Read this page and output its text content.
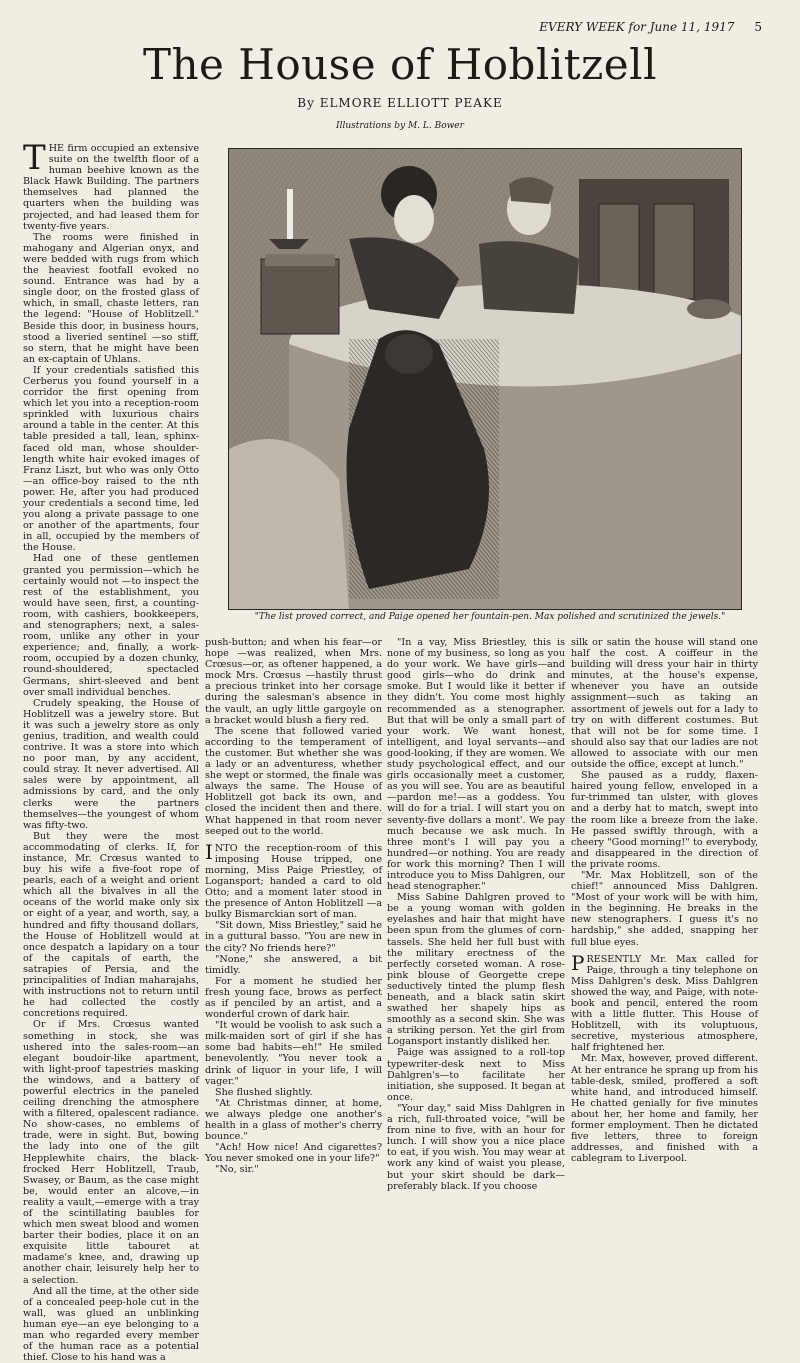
EVERY WEEK for June 11, 1917 5
The House of Hoblitzell
By ELMORE ELLIOTT PEAKE
Illustrations by M. L. Bower

THE firm occupied an extensive suite on the twelfth floor of a human beehive known as the Black Hawk Building. The partners themselves had planned the quarters when the building was projected, and had leased them for twenty-five years.

The rooms were finished in mahogany and Algerian onyx, and were bedded with rugs from which the heaviest footfall evoked no sound. Entrance was had by a single door, on the frosted glass of which, in small, chaste letters, ran the legend: "House of Hoblitzell." Beside this door, in business hours, stood a liveried sentinel —so stiff, so stern, that he might have been an ex-captain of Uhlans.

If your credentials satisfied this Cerberus you found yourself in a corridor the first opening from which let you into a reception-room sprinkled with luxurious chairs around a table in the center. At this table presided a tall, lean, sphinx-faced old man, whose shoulder-length white hair evoked images of Franz Liszt, but who was only Otto—an office-boy raised to the nth power. He, after you had produced your credentials a second time, led you along a private passage to one or another of the apartments, four in all, occupied by the members of the House.

Had one of these gentlemen granted you permission—which he certainly would not —to inspect the rest of the establishment, you would have seen, first, a counting-room, with cashiers, bookkeepers, and stenographers; next, a sales-room, unlike any other in your experience; and, finally, a work-room, occupied by a dozen chunky, round-shouldered, spectacled Germans, shirt-sleeved and bent over small individual benches.

Crudely speaking, the House of Hoblitzell was a jewelry store. But it was such a jewelry store as only genius, tradition, and wealth could contrive. It was a store into which no poor man, by any accident, could stray. It never advertised. All sales were by appointment, all admissions by card, and the only clerks were the partners themselves—the youngest of whom was fifty-two.

But they were the most accommodating of clerks. If, for instance, Mr. Crœsus wanted to buy his wife a five-foot rope of pearls, each of a weight and orient which all the bivalves in all the oceans of the world make only six or eight of a year, and worth, say, a hundred and fifty thousand dollars, the House of Hoblitzell would at once despatch a lapidary on a tour of the capitals of earth, the satrapies of Persia, and the principalities of Indian maharajahs, with instructions not to return until he had collected the costly concretions required.

Or if Mrs. Crœsus wanted something in stock, she was ushered into the sales-room—an elegant boudoir-like apartment, with light-proof tapestries masking the windows, and a battery of powerful electrics in the paneled ceiling drenching the atmosphere with a filtered, opalescent radiance. No show-cases, no emblems of trade, were in sight. But, bowing the lady into one of the gilt Hepplewhite chairs, the black-frocked Herr Hoblitzell, Traub, Swasey, or Baum, as the case might be, would enter an alcove,—in reality a vault,—emerge with a tray of the scintillating baubles for which men sweat blood and women barter their bodies, place it on an exquisite little tabouret at madame's knee, and, drawing up another chair, leisurely help her to a selection.

And all the time, at the other side of a concealed peep-hole cut in the wall, was glued an unblinking human eye—an eye belonging to a man who regarded every member of the human race as a potential thief. Close to his hand was a

"The list proved correct, and Paige opened her fountain-pen. Max polished and scrutinized the jewels."

push-button; and when his fear—or hope —was realized, when Mrs. Crœsus—or, as oftener happened, a mock Mrs. Crœsus —hastily thrust a precious trinket into her corsage during the salesman's absence in the vault, an ugly little gargoyle on a bracket would blush a fiery red.

The scene that followed varied according to the temperament of the customer. But whether she was a lady or an adventuress, whether she wept or stormed, the finale was always the same. The House of Hoblitzell got back its own, and closed the incident then and there. What happened in that room never seeped out to the world.

INTO the reception-room of this imposing House tripped, one morning, Miss Paige Priestley, of Logansport; handed a card to old Otto; and a moment later stood in the presence of Anton Hoblitzell —a bulky Bismarckian sort of man.

"Sit down, Miss Briestley," said he in a guttural basso. "You are new in the city? No friends here?"

"None," she answered, a bit timidly.

For a moment he studied her fresh young face, brows as perfect as if penciled by an artist, and a wonderful crown of dark hair.

"It would be voolish to ask such a milk-maiden sort of girl if she has some bad habits—eh!" He smiled benevolently. "You never took a drink of liquor in your life, I will vager."

She flushed slightly.

"At Christmas dinner, at home, we always pledge one another's health in a glass of mother's cherry bounce."

"Ach! How nice! And cigarettes? You never smoked one in your life?"

"No, sir."

"In a vay, Miss Briestley, this is none of my business, so long as you do your work. We have girls—and good girls—who do drink and smoke. But I would like it better if they didn't. You come most highly recommended as a stenographer. But that will be only a small part of your work. We want honest, intelligent, and loyal servants—and good-looking, if they are women. We study psychological effect, and our girls occasionally meet a customer, as you will see. You are as beautiful—pardon me!—as a goddess. You will do for a trial. I will start you on seventy-five dollars a mont'. We pay much because we ask much. In three mont's I will pay you a hundred—or nothing. You are ready for work this morning? Then I will introduce you to Miss Dahlgren, our head stenographer."

Miss Sabine Dahlgren proved to be a young woman with golden eyelashes and hair that might have been spun from the glumes of corn-tassels. She held her full bust with the military erectness of the perfectly corseted woman. A rose-pink blouse of Georgette crepe seductively tinted the plump flesh beneath, and a black satin skirt swathed her shapely hips as smoothly as a second skin. She was a striking person. Yet the girl from Logansport instantly disliked her.

Paige was assigned to a roll-top typewriter-desk next to Miss Dahlgren's—to facilitate her initiation, she supposed. It began at once.

"Your day," said Miss Dahlgren in a rich, full-throated voice, "will be from nine to five, with an hour for lunch. I will show you a nice place to eat, if you wish. You may wear at work any kind of waist you please, but your skirt should be dark—preferably black. If you choose

silk or satin the house will stand one half the cost. A coiffeur in the building will dress your hair in thirty minutes, at the house's expense, whenever you have an outside assignment—such as taking an assortment of jewels out for a lady to try on with different costumes. But that will not be for some time. I should also say that our ladies are not allowed to associate with our men outside the office, except at lunch."

She paused as a ruddy, flaxen-haired young fellow, enveloped in a fur-trimmed tan ulster, with gloves and a derby hat to match, swept into the room like a breeze from the lake. He passed swiftly through, with a cheery "Good morning!" to everybody, and disappeared in the direction of the private rooms.

"Mr. Max Hoblitzell, son of the chief!" announced Miss Dahlgren. "Most of your work will be with him, in the beginning. He breaks in the new stenographers. I guess it's no hardship," she added, snapping her full blue eyes.

PRESENTLY Mr. Max called for Paige, through a tiny telephone on Miss Dahlgren's desk. Miss Dahlgren showed the way, and Paige, with note-book and pencil, entered the room with a little flutter. This House of Hoblitzell, with its voluptuous, secretive, mysterious atmosphere, half frightened her.

Mr. Max, however, proved different. At her entrance he sprang up from his table-desk, smiled, proffered a soft white hand, and introduced himself. He chatted genially for five minutes about her, her home and family, her former employment. Then he dictated five letters, three to foreign addresses, and finished with a cablegram to Liverpool.
